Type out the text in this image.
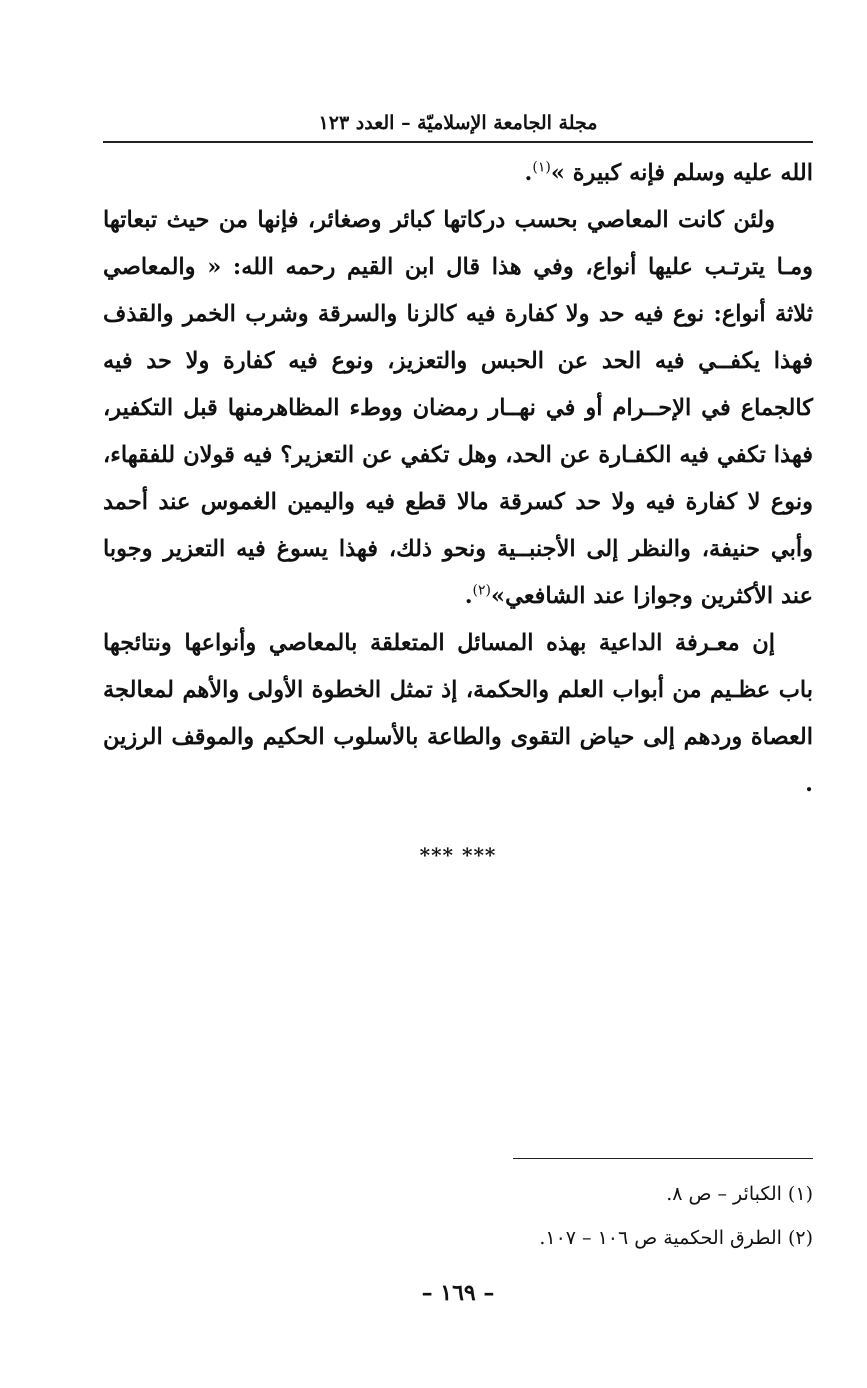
مجلة الجامعة الإسلاميّة – العدد ١٢٣

الله عليه وسلم فإنه كبيرة »$^{(١)}$.

ولئن كانت المعاصي بحسب دركاتها كبائر وصغائر، فإنها من حيث تبعاتها ومـا يترتـب عليها أنواع، وفي هذا قال ابن القيم رحمه الله: « والمعاصي ثلاثة أنواع: نوع فيه حد ولا كفارة فيه كالزنا والسرقة وشرب الخمر والقذف فهذا يكفــي فيه الحد عن الحبس والتعزيز، ونوع فيه كفارة ولا حد فيه كالجماع في الإحــرام أو في نهــار رمضان ووطء المظاهرمنها قبل التكفير، فهذا تكفي فيه الكفـارة عن الحد، وهل تكفي عن التعزير؟ فيه قولان للفقهاء، ونوع لا كفارة فيه ولا حد كسرقة مالا قطع فيه واليمين الغموس عند أحمد وأبي حنيفة، والنظر إلى الأجنبــية ونحو ذلك، فهذا يسوغ فيه التعزير وجوبا عند الأكثرين وجوازا عند الشافعي»$^{(٢)}$.

إن معـرفة الداعية بهذه المسائل المتعلقة بالمعاصي وأنواعها ونتائجها باب عظـيم من أبواب العلم والحكمة، إذ تمثل الخطوة الأولى والأهم لمعالجة العصاة وردهم إلى حياض التقوى والطاعة بالأسلوب الحكيم والموقف الرزين .

*** ***

(١) الكبائر – ص ٨.

(٢) الطرق الحكمية ص ١٠٦ – ١٠٧.

– ١٦٩ –
